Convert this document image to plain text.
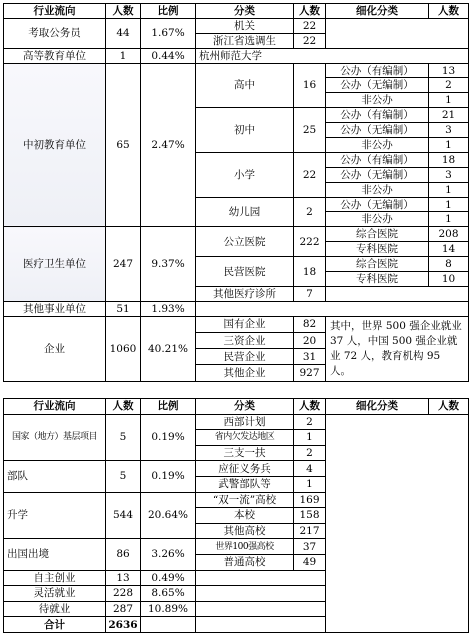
行业流向	人数	比例	分类	人数	细化分类	人数
考取公务员	44	1.67%	机关	22		
			浙江省选调生	22		
高等教育单位	1	0.44%	杭州师范大学			
中初教育单位	65	2.47%	高中	16	公办（有编制）	13
					公办（无编制）	2
					非公办	1
			初中	25	公办（有编制）	21
					公办（无编制）	3
					非公办	1
			小学	22	公办（有编制）	18
					公办（无编制）	3
					非公办	1
			幼儿园	2	公办（无编制）	1
					非公办	1
医疗卫生单位	247	9.37%	公立医院	222	综合医院	208
					专科医院	14
			民营医院	18	综合医院	8
					专科医院	10
			其他医疗诊所	7		
其他事业单位	51	1.93%				
企业	1060	40.21%	国有企业	82	其中，世界 500 强企业就业 37 人，中国 500 强企业就业 72 人，教育机构 95 人。	
			三资企业	20		
			民营企业	31		
			其他企业	927		
行业流向	人数	比例	分类	人数	细化分类	人数
国家（地方）基层项目	5	0.19%	西部计划	2		
			省内欠发达地区	1		
			三支一扶	2		
部队	5	0.19%	应征义务兵	4		
			武警部队等	1		
升学	544	20.64%	“双一流”高校	169		
			本校	158		
			其他高校	217		
出国出境	86	3.26%	世界100强高校	37		
			普通高校	49		
自主创业	13	0.49%				
灵活就业	228	8.65%				
待就业	287	10.89%				
合计	2636					
